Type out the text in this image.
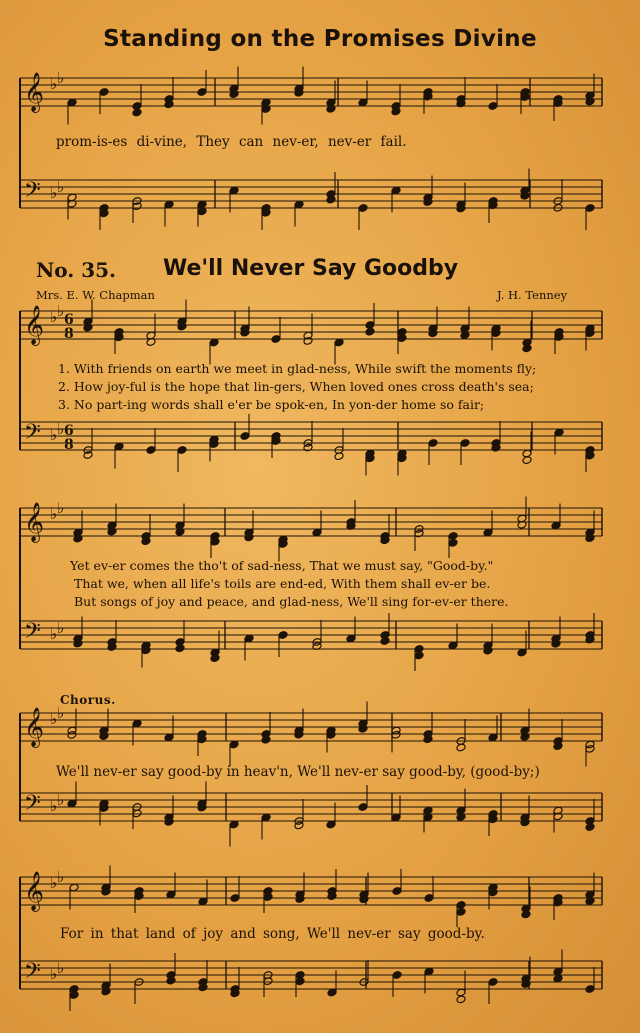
Standing on the Promises Divine
No. 35. We'll Never Say Goodby
Mrs. E. W. Chapman	J. H. Tenney
Chorus.
prom-is-es di-vine, They can nev-er, nev-er fail.
1. With friends on earth we meet in glad-ness, While swift the moments fly;
2. How joy-ful is the hope that lin-gers, When loved ones cross death's sea;
3. No part-ing words shall e'er be spok-en, In yon-der home so fair;
Yet ev-er comes the tho't of sad-ness, That we must say, "Good-by."
That we, when all life's toils are end-ed, With them shall ev-er be.
But songs of joy and peace, and glad-ness, We'll sing for-ev-er there.
We'll nev-er say good-by in heav'n, We'll nev-er say good-by, (good-by;)
For in that land of joy and song, We'll nev-er say good-by.
𝄞 ♭ ♭
𝄢 ♭ ♭
𝄞 ♭ ♭
𝄢 ♭ ♭
6
8
6
8
𝄞 ♭ ♭
𝄢 ♭ ♭
𝄞 ♭ ♭
𝄢 ♭ ♭
𝄞 ♭ ♭
𝄢 ♭ ♭
